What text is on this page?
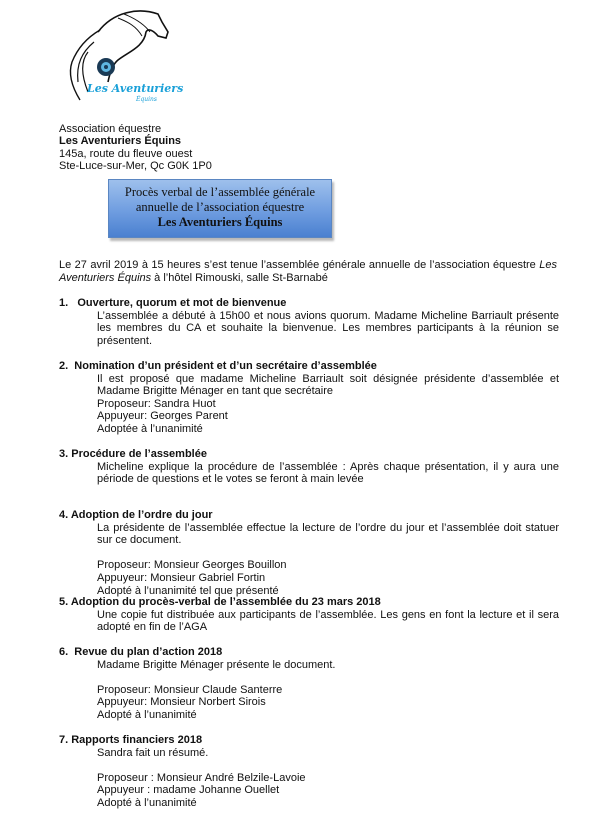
Les Aventuriers
Équins
Association équestre
Les Aventuriers Équins
145a, route du fleuve ouest
Ste-Luce-sur-Mer, Qc G0K 1P0
Procès verbal de l’assemblée générale
annuelle de l’association équestre
Les Aventuriers Équins
Le 27 avril 2019 à 15 heures s’est tenue l’assemblée générale annuelle de l’association équestre Les Aventuriers Équins à l’hôtel Rimouski, salle St-Barnabé
1.   Ouverture, quorum et mot de bienvenue
L’assemblée a débuté à 15h00 et nous avions quorum. Madame Micheline Barriault présente les membres du CA et souhaite la bienvenue. Les membres participants à la réunion se présentent.
2.  Nomination d’un président et d’un secrétaire d’assemblée
Il est proposé que madame Micheline Barriault soit désignée présidente d’assemblée et Madame Brigitte Ménager en tant que secrétaire
Proposeur: Sandra Huot
Appuyeur: Georges Parent
Adoptée à l’unanimité
3. Procédure de l’assemblée
Micheline explique la procédure de l’assemblée : Après chaque présentation, il y aura une période de questions et le votes se feront à main levée
4. Adoption de l’ordre du jour
La présidente de l’assemblée effectue la lecture de l’ordre du jour et l’assemblée doit statuer sur ce document.
Proposeur: Monsieur Georges Bouillon
Appuyeur: Monsieur Gabriel Fortin
Adopté à l’unanimité tel que présenté
5. Adoption du procès-verbal de l’assemblée du 23 mars 2018
Une copie fut distribuée aux participants de l’assemblée. Les gens en font la lecture et il sera adopté en fin de l’AGA
6.  Revue du plan d’action 2018
Madame Brigitte Ménager présente le document.
Proposeur: Monsieur Claude Santerre
Appuyeur: Monsieur Norbert Sirois
Adopté à l’unanimité
7. Rapports financiers 2018
Sandra fait un résumé.
Proposeur : Monsieur André Belzile-Lavoie
Appuyeur : madame Johanne Ouellet
Adopté à l’unanimité
